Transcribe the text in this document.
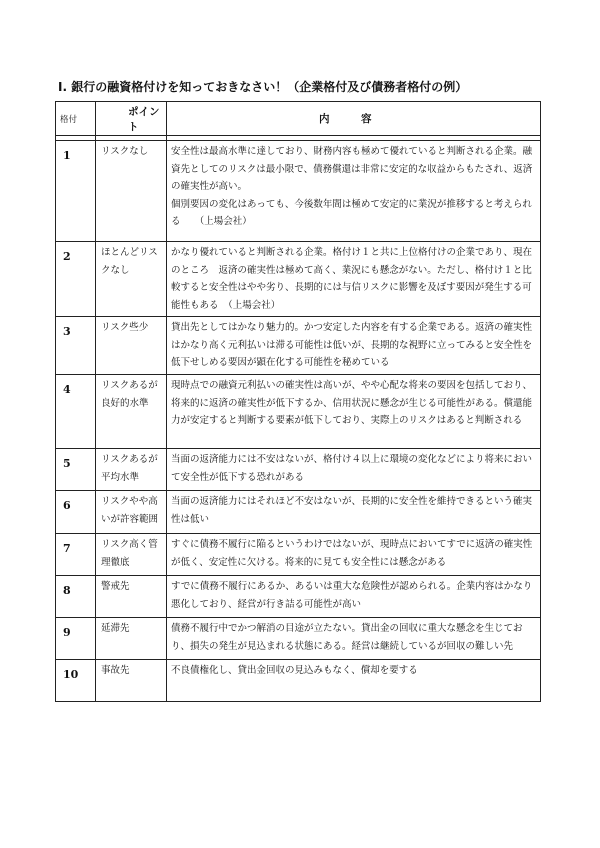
Ⅰ. 銀行の融資格付けを知っておきなさい！（企業格付及び債務者格付の例）
格付	ポイント	内　　　容

1	リスクなし	安全性は最高水準に達しており、財務内容も極めて優れていると判断される企業。融資先としてのリスクは最小限で、債務償還は非常に安定的な収益からもたされ、返済の確実性が高い。
個別要因の変化はあっても、今後数年間は極めて安定的に業況が推移すると考えられる　　（上場会社）

2	ほとんどリスクなし	かなり優れていると判断される企業。格付け１と共に上位格付けの企業であり、現在のところ　返済の確実性は極めて高く、業況にも懸念がない。ただし、格付け１と比較すると安全性はやや劣り、長期的には与信リスクに影響を及ぼす要因が発生する可能性もある　（上場会社）

3	リスク些少	貸出先としてはかなり魅力的。かつ安定した内容を有する企業である。返済の確実性はかなり高く元利払いは滞る可能性は低いが、長期的な視野に立ってみると安全性を低下せしめる要因が顕在化する可能性を秘めている

4	リスクあるが良好的水準	現時点での融資元利払いの確実性は高いが、やや心配な将来の要因を包括しており、将来的に返済の確実性が低下するか、信用状況に懸念が生じる可能性がある。償還能力が安定すると判断する要素が低下しており、実際上のリスクはあると判断される

5	リスクあるが平均水準	当面の返済能力には不安はないが、格付け４以上に環境の変化などにより将来において安全性が低下する恐れがある

6	リスクやや高いが許容範囲	当面の返済能力にはそれほど不安はないが、長期的に安全性を維持できるという確実性は低い

7	リスク高く管理徹底	すぐに債務不履行に陥るというわけではないが、現時点においてすでに返済の確実性が低く、安定性に欠ける。将来的に見ても安全性には懸念がある

8	警戒先	すでに債務不履行にあるか、あるいは重大な危険性が認められる。企業内容はかなり悪化しており、経営が行き詰る可能性が高い

9	延滞先	債務不履行中でかつ解消の目途が立たない。貸出金の回収に重大な懸念を生じており、損失の発生が見込まれる状態にある。経営は継続しているが回収の難しい先

10	事故先	不良債権化し、貸出金回収の見込みもなく、償却を要する
